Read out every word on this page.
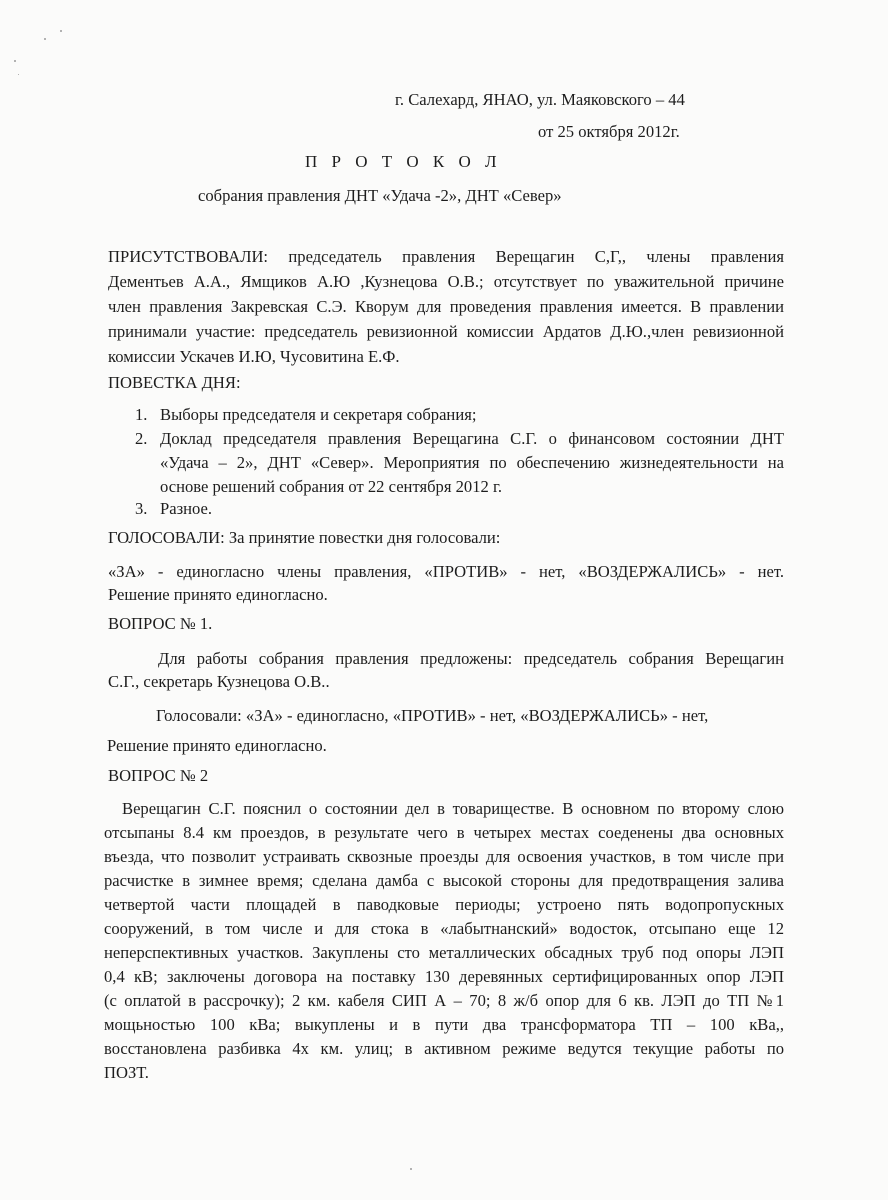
г. Салехард, ЯНАО, ул. Маяковского – 44
от 25 октября 2012г.
П Р О Т О К О Л
собрания правления ДНТ «Удача -2», ДНТ «Север»
ПРИСУТСТВОВАЛИ: председатель правления Верещагин С,Г,, члены правления
Дементьев А.А., Ямщиков А.Ю ,Кузнецова О.В.; отсутствует по уважительной причине
член правления Закревская С.Э. Кворум для проведения правления имеется. В правлении
принимали участие: председатель ревизионной комиссии Ардатов Д.Ю.,член ревизионной
комиссии Ускачев И.Ю, Чусовитина Е.Ф.
ПОВЕСТКА ДНЯ:
1. Выборы председателя и секретаря собрания;
2. Доклад председателя правления Верещагина С.Г. о финансовом состоянии ДНТ
«Удача – 2», ДНТ «Север». Мероприятия по обеспечению жизнедеятельности на
основе решений собрания от 22 сентября 2012 г.
3. Разное.
ГОЛОСОВАЛИ: За принятие повестки дня голосовали:
«ЗА» - единогласно члены правления, «ПРОТИВ» - нет, «ВОЗДЕРЖАЛИСЬ» - нет.
Решение принято единогласно.
ВОПРОС № 1.
Для работы собрания правления предложены: председатель собрания Верещагин
С.Г., секретарь Кузнецова О.В..
Голосовали: «ЗА» - единогласно, «ПРОТИВ» - нет, «ВОЗДЕРЖАЛИСЬ» - нет,
Решение принято единогласно.
ВОПРОС № 2
Верещагин С.Г. пояснил о состоянии дел в товариществе. В основном по второму слою
отсыпаны 8.4 км проездов, в результате чего в четырех местах соеденены два основных
въезда, что позволит устраивать сквозные проезды для освоения участков, в том числе при
расчистке в зимнее время; сделана дамба с высокой стороны для предотвращения залива
четвертой части площадей в паводковые периоды; устроено пять водопропускных
сооружений, в том числе и для стока в «лабытнанский» водосток, отсыпано еще 12
неперспективных участков. Закуплены сто металлических обсадных труб под опоры ЛЭП
0,4 кВ; заключены договора на поставку 130 деревянных сертифицированных опор ЛЭП
(с оплатой в рассрочку); 2 км. кабеля СИП А – 70; 8 ж/б опор для 6 кв. ЛЭП до ТП №1
мощьностью 100 кВа; выкуплены и в пути два трансформатора ТП – 100 кВа,,
восстановлена разбивка 4х км. улиц; в активном режиме ведутся текущие работы по
ПОЗТ.
